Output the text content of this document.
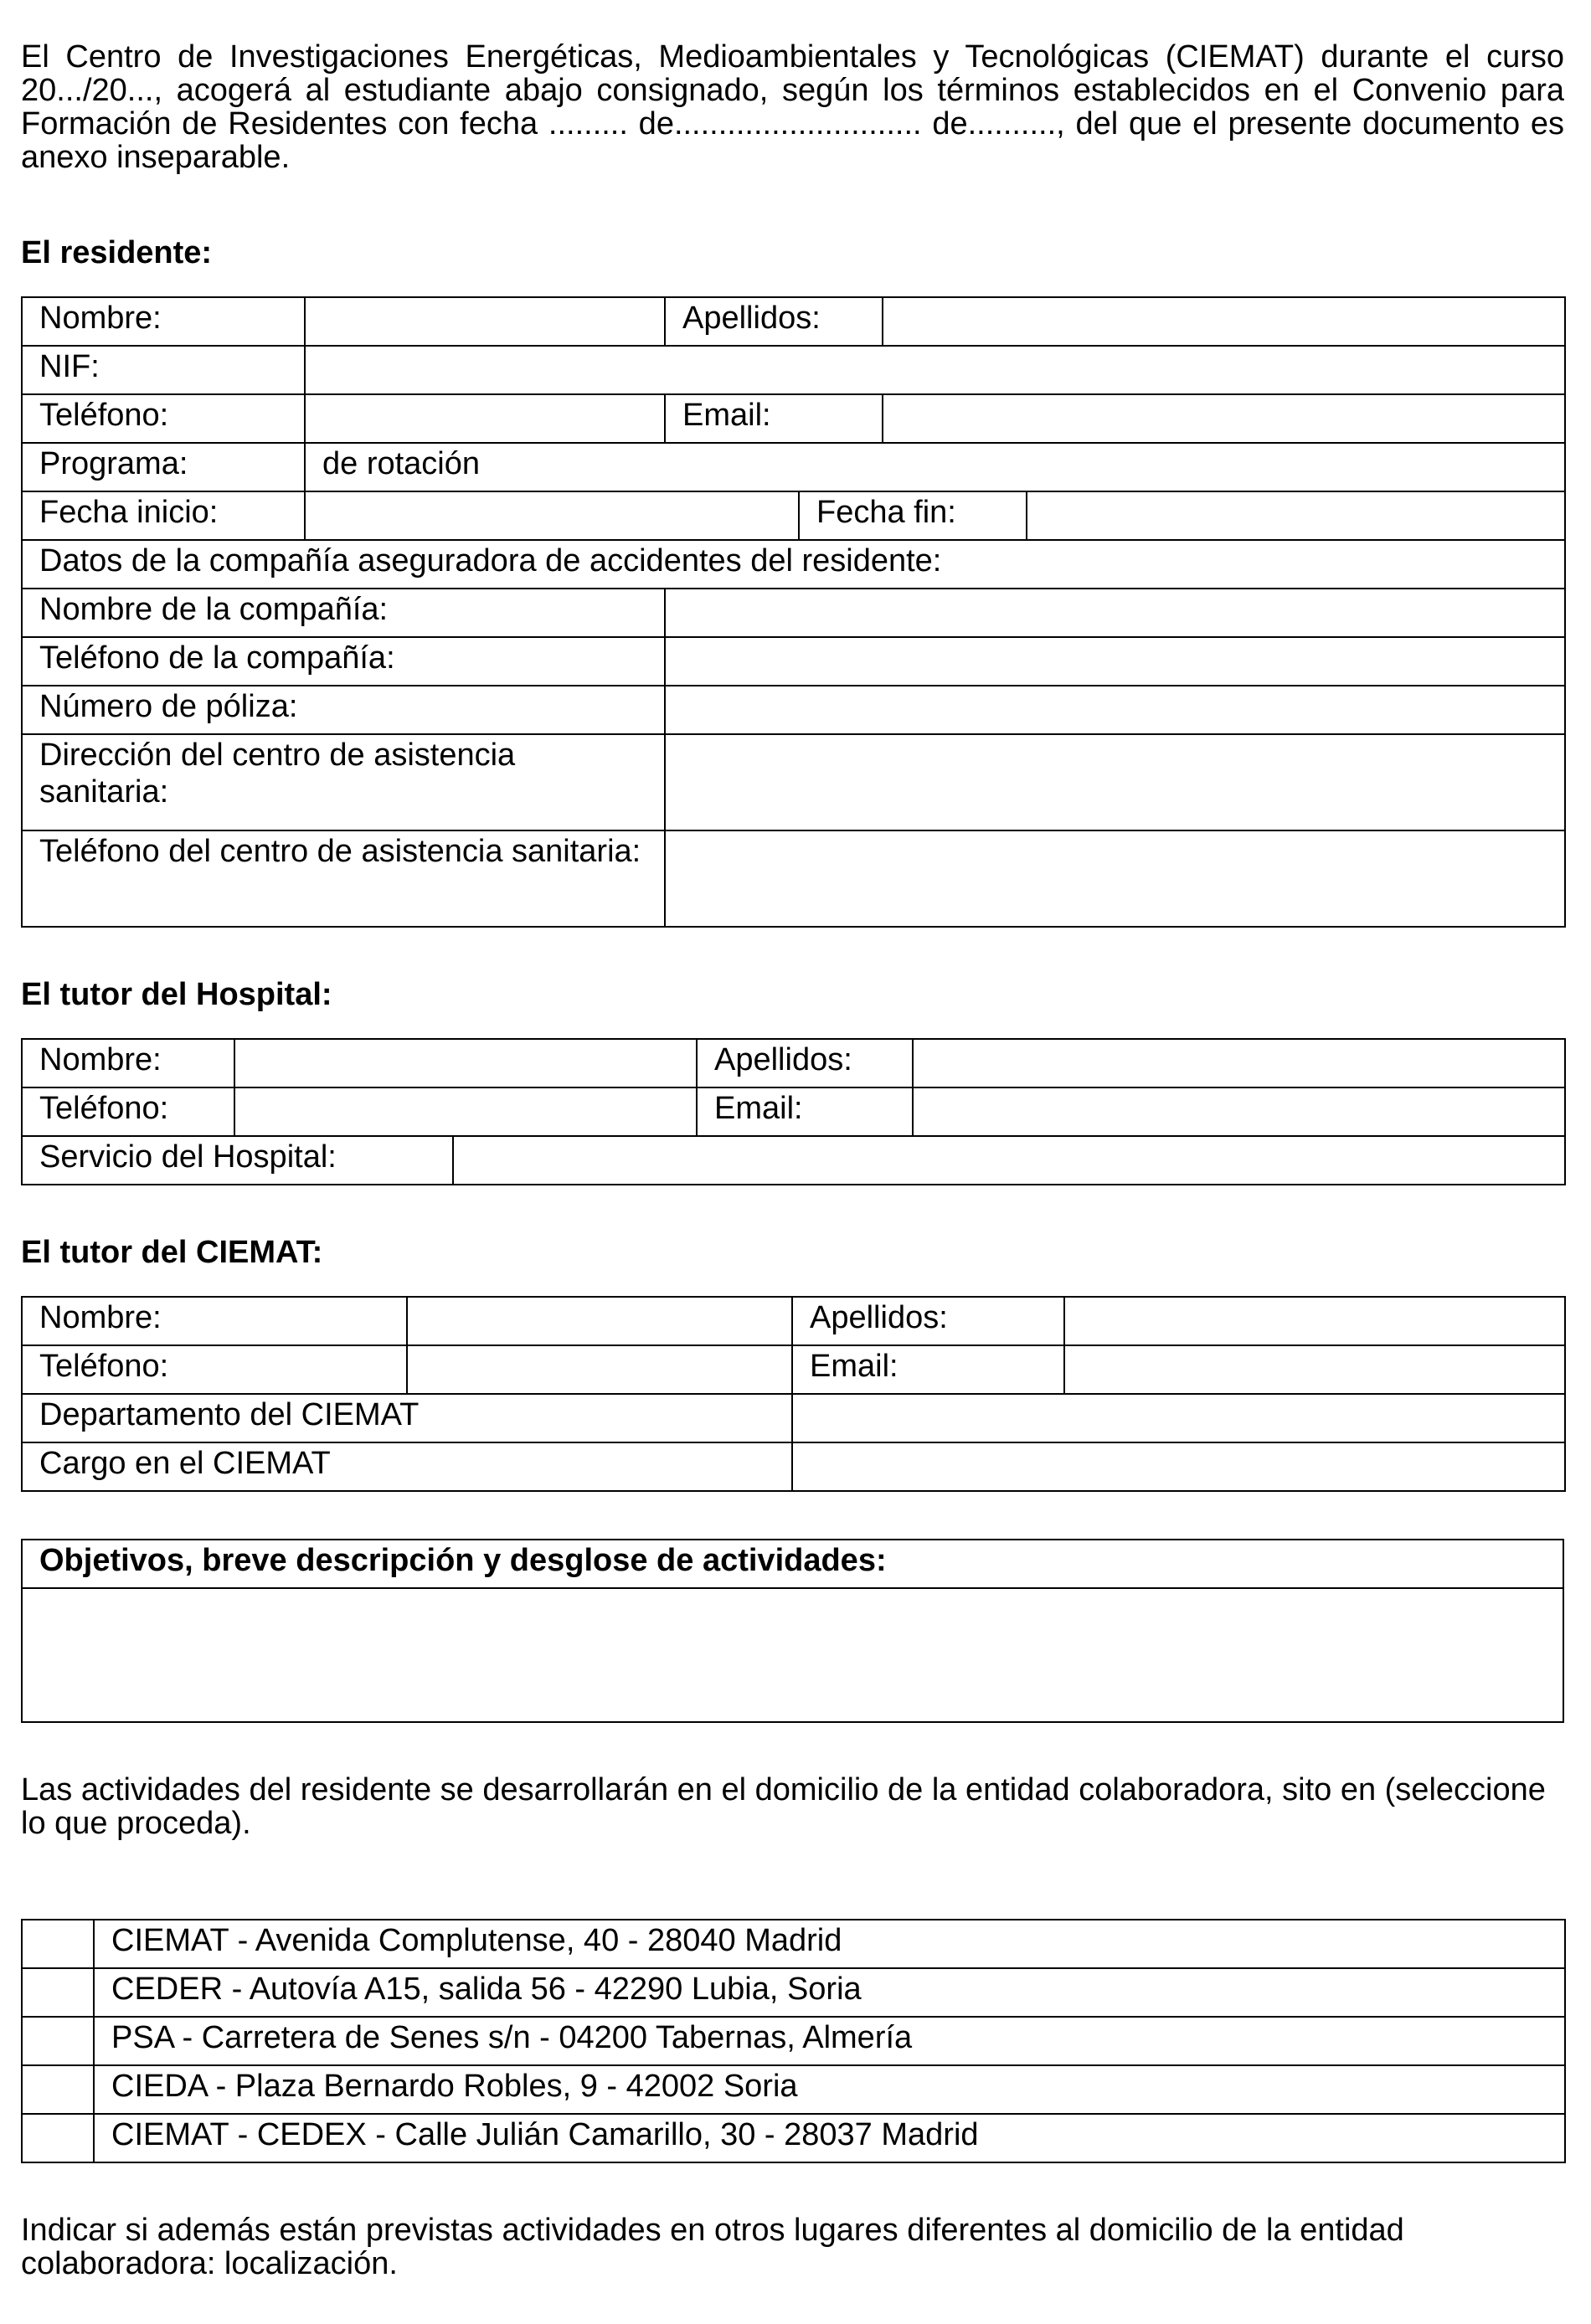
El Centro de Investigaciones Energéticas, Medioambientales y Tecnológicas (CIEMAT) durante el curso 20.../20..., acogerá al estudiante abajo consignado, según los términos establecidos en el Convenio para Formación de Residentes con fecha ......... de............................ de.........., del que el presente documento es anexo inseparable.

El residente:
Nombre:		Apellidos:			
NIF:					
Teléfono:		Email:			
Programa:	de rotación				
Fecha inicio:			Fecha fin:		
Datos de la compañía aseguradora de accidentes del residente:					
Nombre de la compañía:					
Teléfono de la compañía:					
Número de póliza:					
Dirección del centro de asistencia sanitaria:					
Teléfono del centro de asistencia sanitaria:					
El tutor del Hospital:
Nombre:			Apellidos:	
Teléfono:			Email:	
Servicio del Hospital:				
El tutor del CIEMAT:
Nombre:		Apellidos:	
Teléfono:		Email:	
Departamento del CIEMAT			
Cargo en el CIEMAT			
Objetivos, breve descripción y desglose de actividades:

Las actividades del residente se desarrollarán en el domicilio de la entidad colaboradora, sito en (seleccione lo que proceda).

	CIEMAT - Avenida Complutense, 40 - 28040 Madrid
	CEDER - Autovía A15, salida 56 - 42290 Lubia, Soria
	PSA - Carretera de Senes s/n - 04200 Tabernas, Almería
	CIEDA - Plaza Bernardo Robles, 9 - 42002 Soria
	CIEMAT - CEDEX - Calle Julián Camarillo, 30 - 28037 Madrid

Indicar si además están previstas actividades en otros lugares diferentes al domicilio de la entidad colaboradora: localización.
